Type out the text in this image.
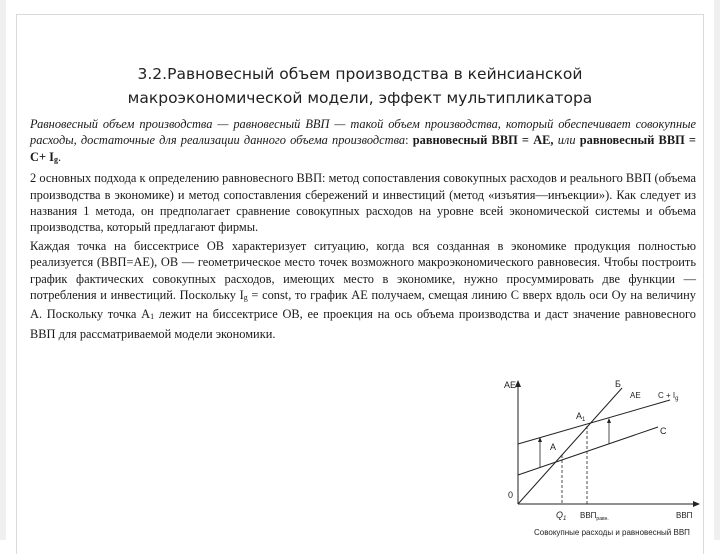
3.2.Равновесный объем производства в кейнсианской
макроэкономической модели, эффект мультипликатора

Равновесный объем производства — равновесный ВВП — такой объем производства, который обеспечивает совокупные расходы, достаточные для реализации данного объема производства: равновесный ВВП = AE, или равновесный ВВП = C+ Ig.

2 основных подхода к определению равновесного ВВП: метод сопоставления совокупных расходов и реального ВВП (объема производства в экономике) и метод сопоставления сбережений и инвестиций (метод «изъятия—инъекции»). Как следует из названия 1 метода, он предполагает сравнение совокупных расходов на уровне всей экономической системы и объема производства, который предлагают фирмы.

Каждая точка на биссектрисе ОВ характеризует ситуацию, когда вся созданная в экономике продукция полностью реализуется (ВВП=АЕ), ОВ — геометрическое место точек возможного макроэкономического равновесия. Чтобы построить график фактических совокупных расходов, имеющих место в экономике, нужно просуммировать две функции — потребления и инвестиций. Поскольку Ig = const, то график AE получаем, смещая линию С вверх вдоль оси Оу на величину А. Поскольку точка А1 лежит на биссектрисе ОВ, ее проекция на ось объема производства и даст значение равновесного ВВП для рассматриваемой модели экономики.

AE
0
Б
AE $C + I_g$
C
$A_1$
A
$Q_1$ $ВВП_{равн.}$	ВВП
Совокупные расходы и равновесный ВВП
